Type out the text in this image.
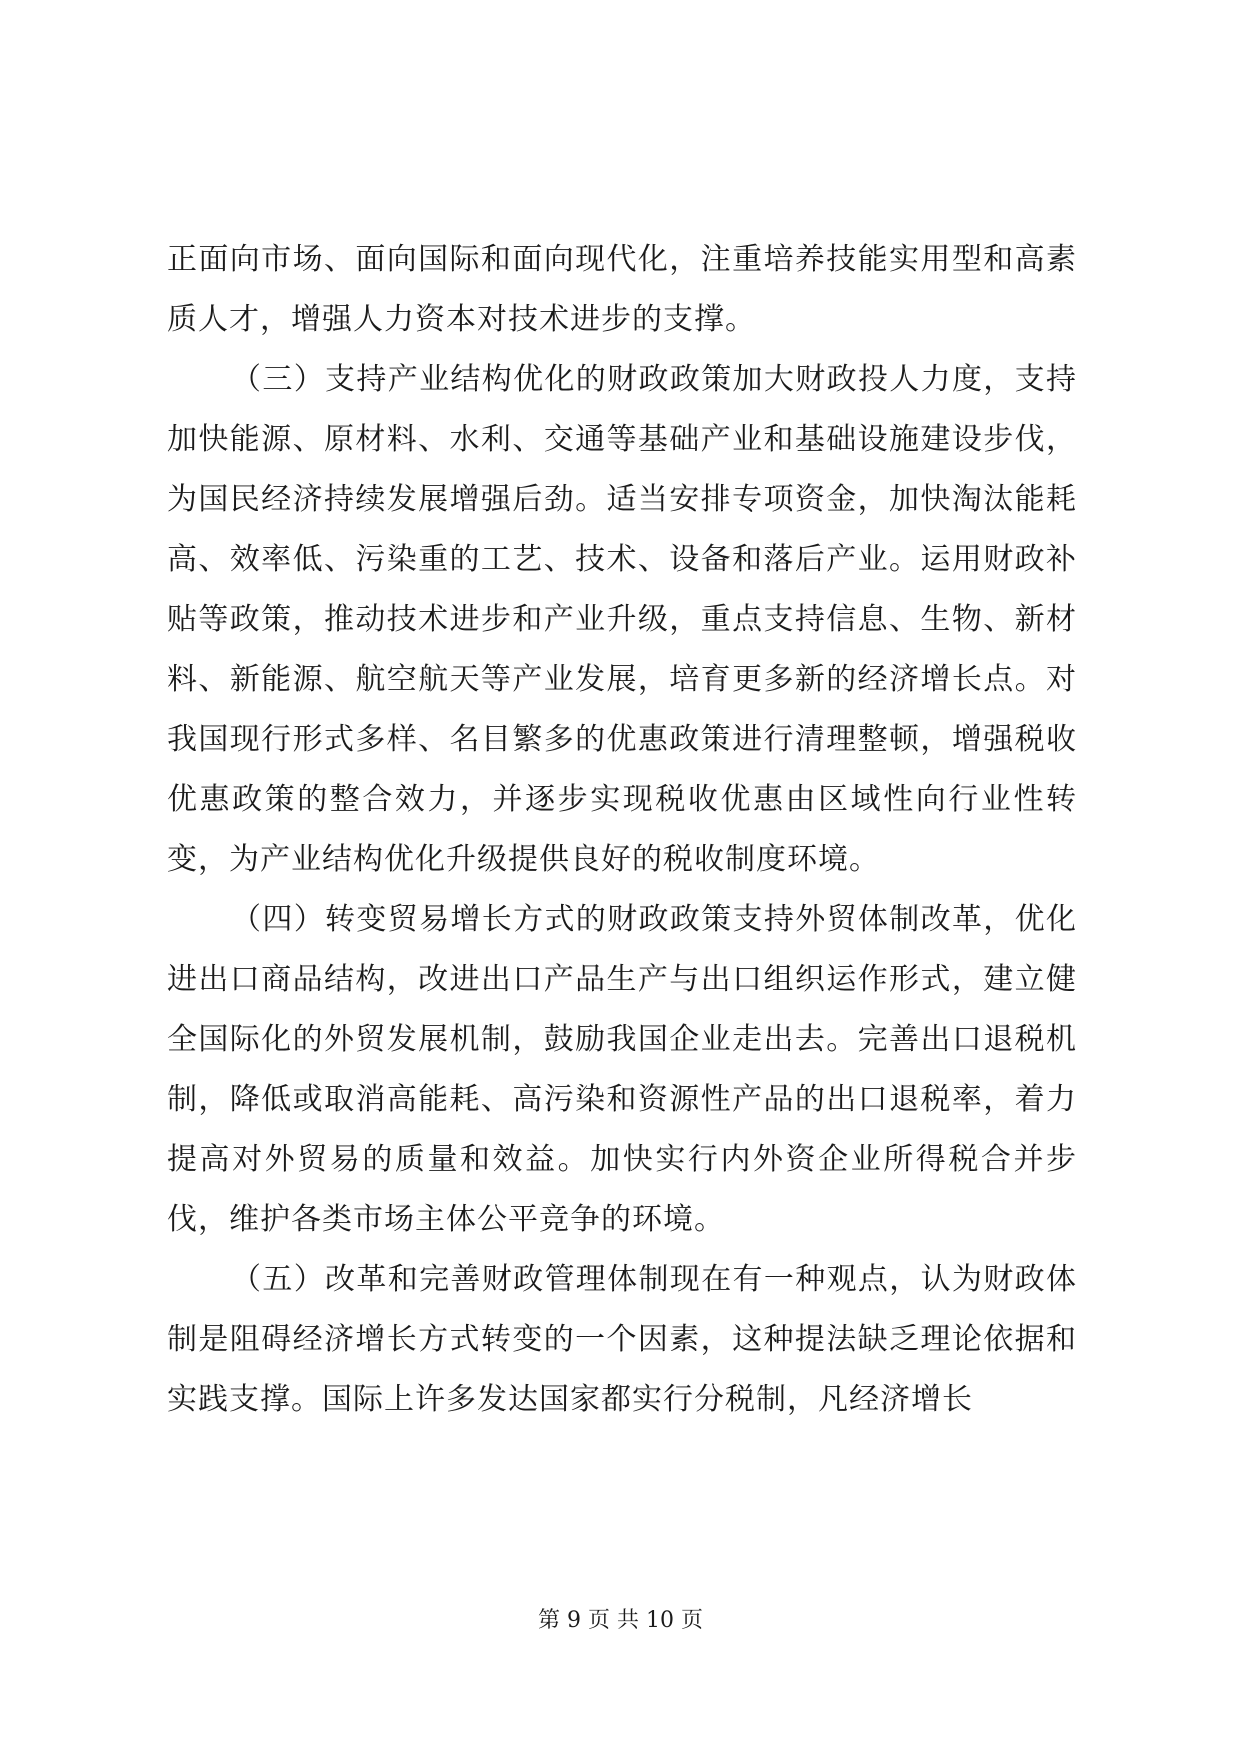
正面向市场、面向国际和面向现代化，注重培养技能实用型和高素质人才，增强人力资本对技术进步的支撑。

（三）支持产业结构优化的财政政策加大财政投人力度，支持加快能源、原材料、水利、交通等基础产业和基础设施建设步伐，为国民经济持续发展增强后劲。适当安排专项资金，加快淘汰能耗高、效率低、污染重的工艺、技术、设备和落后产业。运用财政补贴等政策，推动技术进步和产业升级，重点支持信息、生物、新材料、新能源、航空航天等产业发展，培育更多新的经济增长点。对我国现行形式多样、名目繁多的优惠政策进行清理整顿，增强税收优惠政策的整合效力，并逐步实现税收优惠由区域性向行业性转变，为产业结构优化升级提供良好的税收制度环境。

（四）转变贸易增长方式的财政政策支持外贸体制改革，优化进出口商品结构，改进出口产品生产与出口组织运作形式，建立健全国际化的外贸发展机制，鼓励我国企业走出去。完善出口退税机制，降低或取消高能耗、高污染和资源性产品的出口退税率，着力提高对外贸易的质量和效益。加快实行内外资企业所得税合并步伐，维护各类市场主体公平竞争的环境。

（五）改革和完善财政管理体制现在有一种观点，认为财政体制是阻碍经济增长方式转变的一个因素，这种提法缺乏理论依据和实践支撑。国际上许多发达国家都实行分税制，凡经济增长

第 9 页 共 10 页
